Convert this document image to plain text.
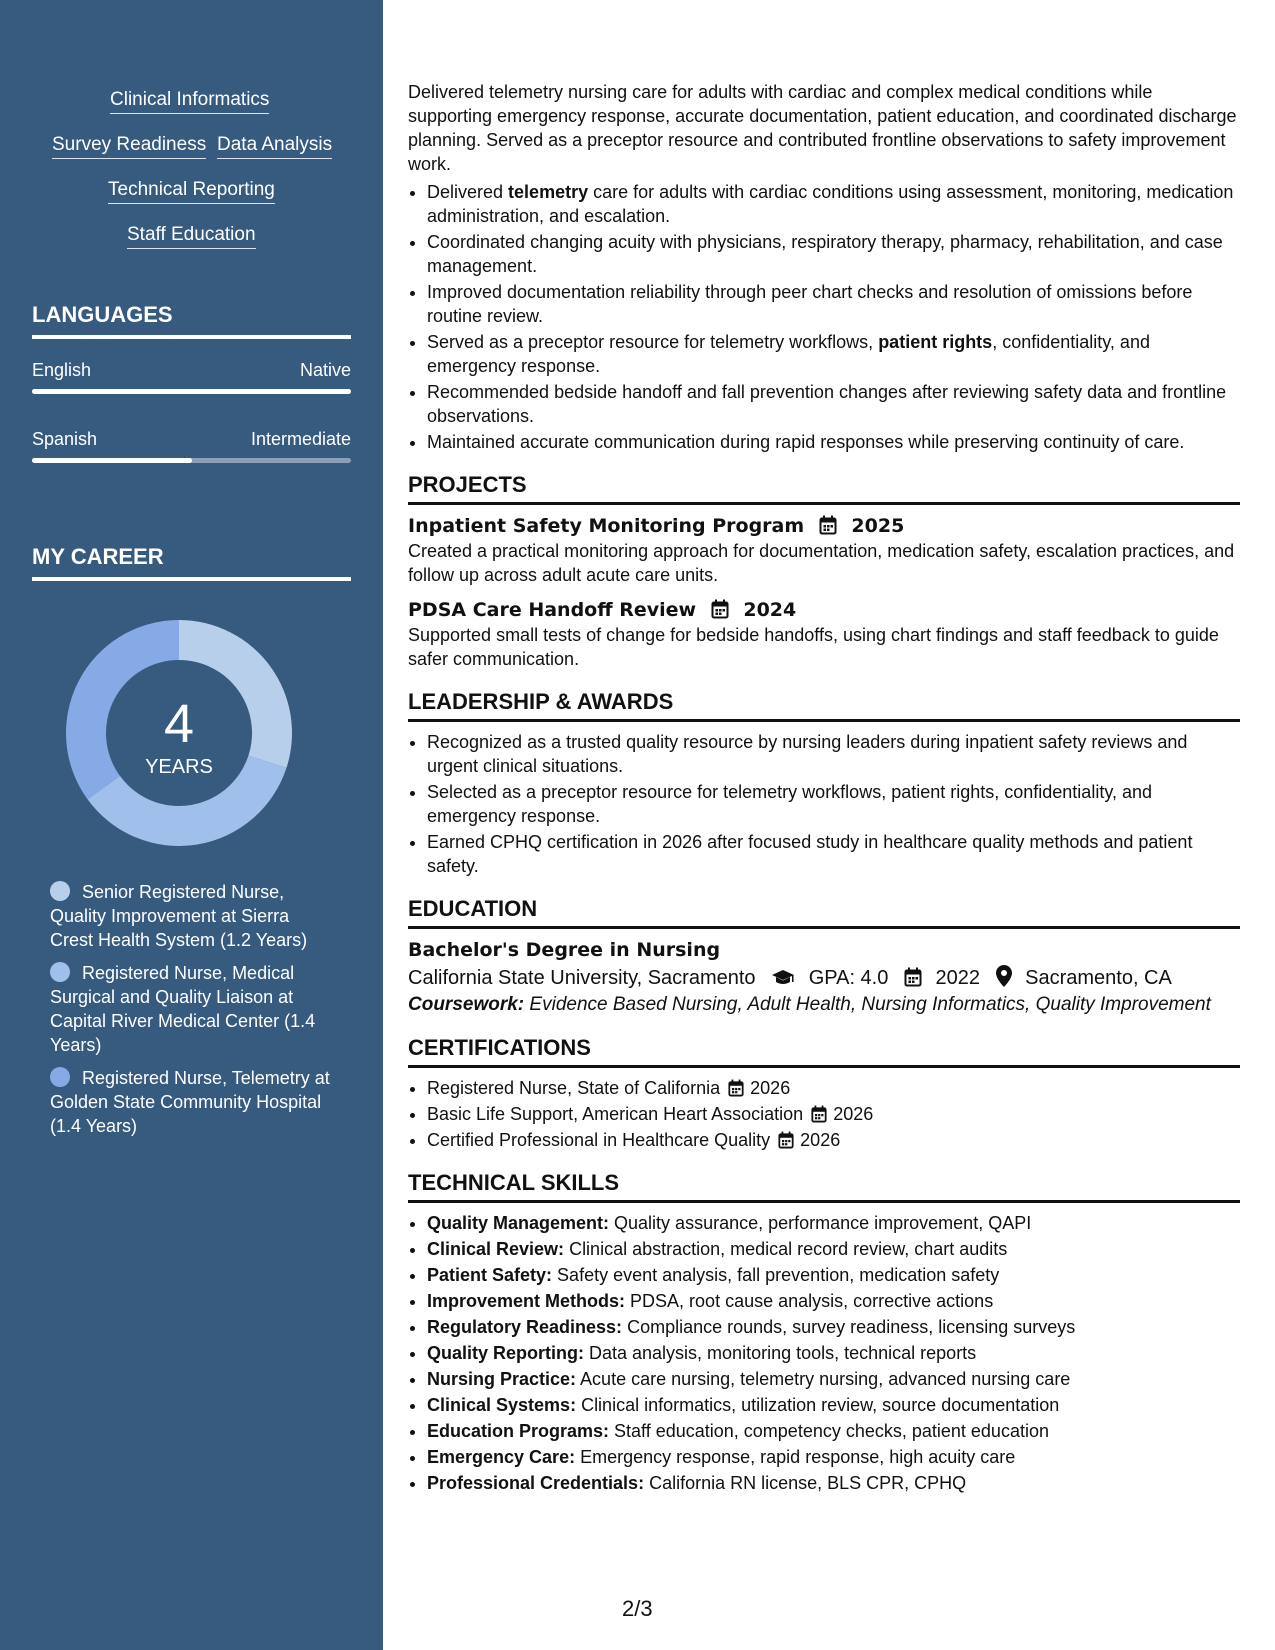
Clinical Informatics
Survey Readiness Data Analysis
Technical Reporting
Staff Education
LANGUAGES
English	Native
Spanish	Intermediate
MY CAREER
4
YEARS
Senior Registered Nurse, Quality Improvement at Sierra Crest Health System (1.2 Years)
Registered Nurse, Medical Surgical and Quality Liaison at Capital River Medical Center (1.4 Years)
Registered Nurse, Telemetry at Golden State Community Hospital (1.4 Years)

Delivered telemetry nursing care for adults with cardiac and complex medical conditions while supporting emergency response, accurate documentation, patient education, and coordinated discharge planning. Served as a preceptor resource and contributed frontline observations to safety improvement work.

• Delivered telemetry care for adults with cardiac conditions using assessment, monitoring, medication administration, and escalation.
• Coordinated changing acuity with physicians, respiratory therapy, pharmacy, rehabilitation, and case management.
• Improved documentation reliability through peer chart checks and resolution of omissions before routine review.
• Served as a preceptor resource for telemetry workflows, patient rights, confidentiality, and emergency response.
• Recommended bedside handoff and fall prevention changes after reviewing safety data and frontline observations.
• Maintained accurate communication during rapid responses while preserving continuity of care.
PROJECTS
Inpatient Safety Monitoring Program 2025

Created a practical monitoring approach for documentation, medication safety, escalation practices, and follow up across adult acute care units.

PDSA Care Handoff Review 2024

Supported small tests of change for bedside handoffs, using chart findings and staff feedback to guide safer communication.

LEADERSHIP & AWARDS
• Recognized as a trusted quality resource by nursing leaders during inpatient safety reviews and urgent clinical situations.
• Selected as a preceptor resource for telemetry workflows, patient rights, confidentiality, and emergency response.
• Earned CPHQ certification in 2026 after focused study in healthcare quality methods and patient safety.
EDUCATION
Bachelor's Degree in Nursing
California State University, Sacramento	GPA: 4.0 2022 Sacramento, CA
Coursework: Evidence Based Nursing, Adult Health, Nursing Informatics, Quality Improvement
CERTIFICATIONS
• Registered Nurse, State of California 2026
• Basic Life Support, American Heart Association 2026
• Certified Professional in Healthcare Quality 2026
TECHNICAL SKILLS
• Quality Management: Quality assurance, performance improvement, QAPI
• Clinical Review: Clinical abstraction, medical record review, chart audits
• Patient Safety: Safety event analysis, fall prevention, medication safety
• Improvement Methods: PDSA, root cause analysis, corrective actions
• Regulatory Readiness: Compliance rounds, survey readiness, licensing surveys
• Quality Reporting: Data analysis, monitoring tools, technical reports
• Nursing Practice: Acute care nursing, telemetry nursing, advanced nursing care
• Clinical Systems: Clinical informatics, utilization review, source documentation
• Education Programs: Staff education, competency checks, patient education
• Emergency Care: Emergency response, rapid response, high acuity care
• Professional Credentials: California RN license, BLS CPR, CPHQ
2/3
